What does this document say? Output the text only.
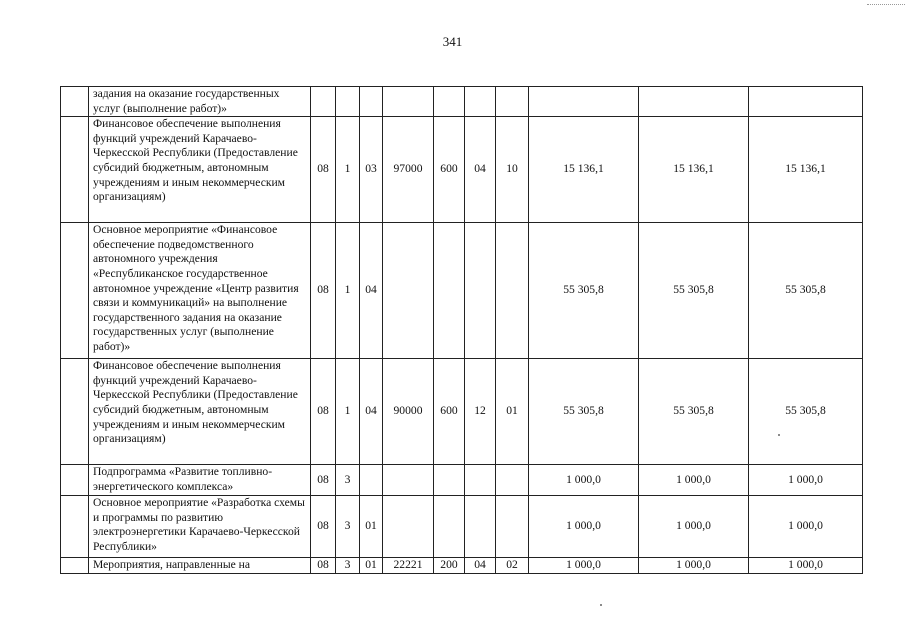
341
	задания на оказание государственных услуг (выполнение работ)»										
	Финансовое обеспечение выполнения функций учреждений Карачаево-Черкесской Республики (Предоставление субсидий бюджетным, автономным учреждениям и иным некоммерческим организациям)	08	1	03	97000	600	04	10	15 136,1	15 136,1	15 136,1
	Основное мероприятие «Финансовое обеспечение подведомственного автономного учреждения «Республиканское государственное автономное учреждение «Центр развития связи и коммуникаций» на выполнение государственного задания на оказание государственных услуг (выполнение работ)»	08	1	04					55 305,8	55 305,8	55 305,8
	Финансовое обеспечение выполнения функций учреждений Карачаево-Черкесской Республики (Предоставление субсидий бюджетным, автономным учреждениям и иным некоммерческим организациям)	08	1	04	90000	600	12	01	55 305,8	55 305,8	55 305,8
	Подпрограмма «Развитие топливно-энергетического комплекса»	08	3						1 000,0	1 000,0	1 000,0
	Основное мероприятие «Разработка схемы и программы по развитию электроэнергетики Карачаево-Черкесской Республики»	08	3	01					1 000,0	1 000,0	1 000,0
	Мероприятия, направленные на	08	3	01	22221	200	04	02	1 000,0	1 000,0	1 000,0
